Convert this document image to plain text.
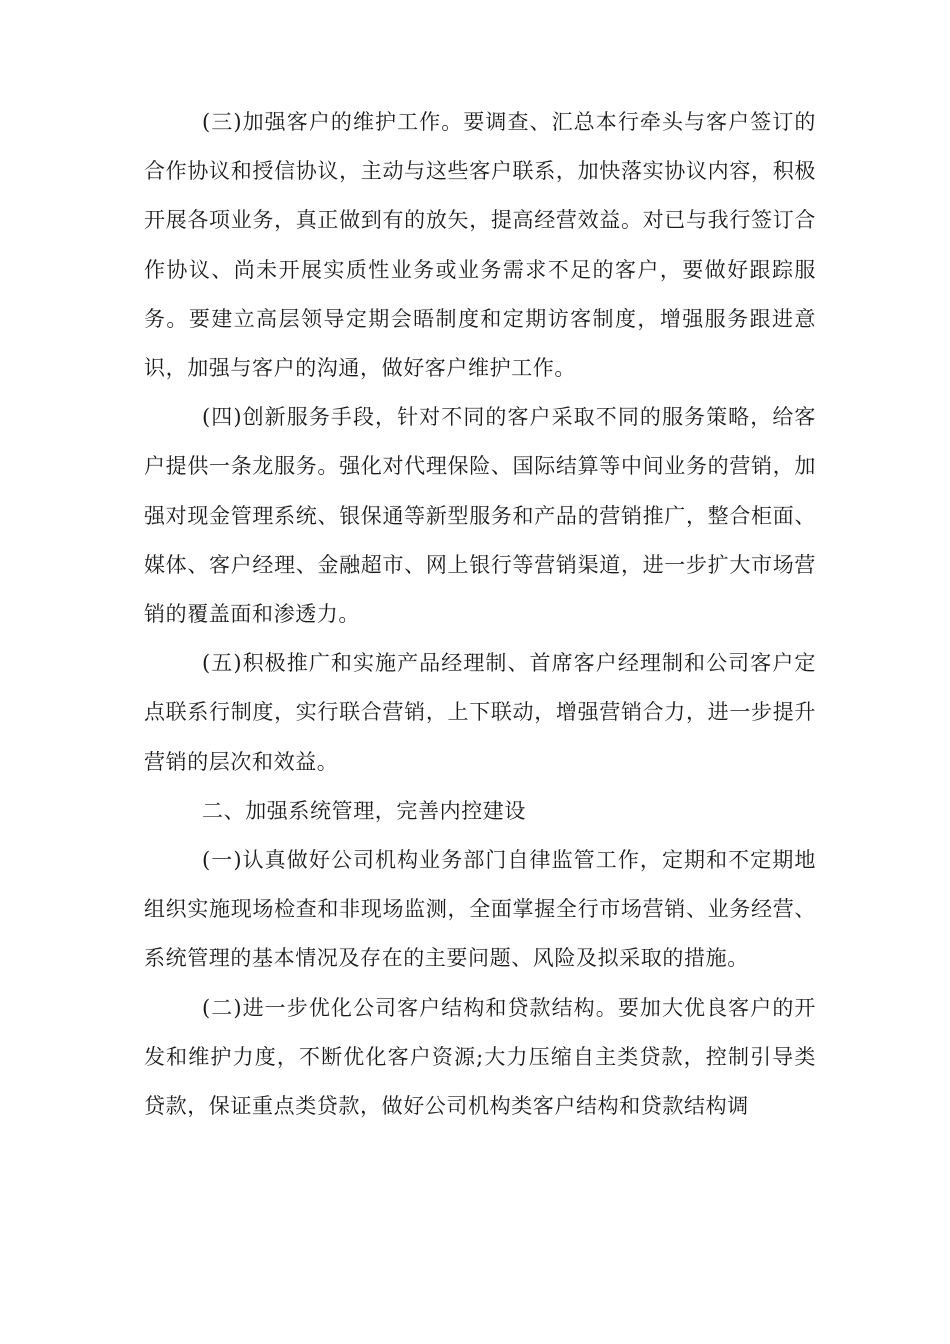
(三)加强客户的维护工作。要调查、汇总本行牵头与客户签订的合作协议和授信协议，主动与这些客户联系，加快落实协议内容，积极开展各项业务，真正做到有的放矢，提高经营效益。对已与我行签订合作协议、尚未开展实质性业务或业务需求不足的客户，要做好跟踪服务。要建立高层领导定期会晤制度和定期访客制度，增强服务跟进意识，加强与客户的沟通，做好客户维护工作。

(四)创新服务手段，针对不同的客户采取不同的服务策略，给客户提供一条龙服务。强化对代理保险、国际结算等中间业务的营销，加强对现金管理系统、银保通等新型服务和产品的营销推广，整合柜面、媒体、客户经理、金融超市、网上银行等营销渠道，进一步扩大市场营销的覆盖面和渗透力。

(五)积极推广和实施产品经理制、首席客户经理制和公司客户定点联系行制度，实行联合营销，上下联动，增强营销合力，进一步提升营销的层次和效益。

二、加强系统管理，完善内控建设

(一)认真做好公司机构业务部门自律监管工作，定期和不定期地组织实施现场检查和非现场监测，全面掌握全行市场营销、业务经营、系统管理的基本情况及存在的主要问题、风险及拟采取的措施。

(二)进一步优化公司客户结构和贷款结构。要加大优良客户的开发和维护力度，不断优化客户资源;大力压缩自主类贷款，控制引导类贷款，保证重点类贷款，做好公司机构类客户结构和贷款结构调
